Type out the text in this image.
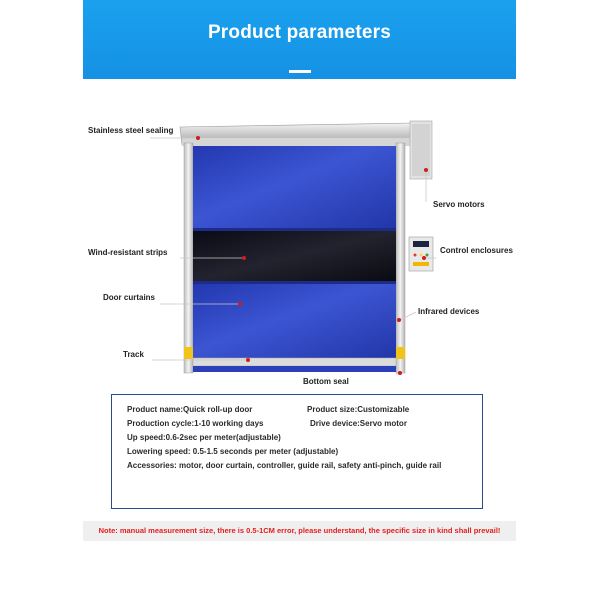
Product parameters
Stainless steel sealing
Servo motors
Wind-resistant strips	Control enclosures
Door curtains
Infrared devices
Track
Bottom seal
Product name:Quick roll-up door	Product size:Customizable
Production cycle:1-10 working days	Drive device:Servo motor
Up speed:0.6-2sec per meter(adjustable)
Lowering speed: 0.5-1.5 seconds per meter (adjustable)
Accessories: motor, door curtain, controller, guide rail, safety anti-pinch, guide rail
Note: manual measurement size, there is 0.5-1CM error, please understand, the specific size in kind shall prevail!
